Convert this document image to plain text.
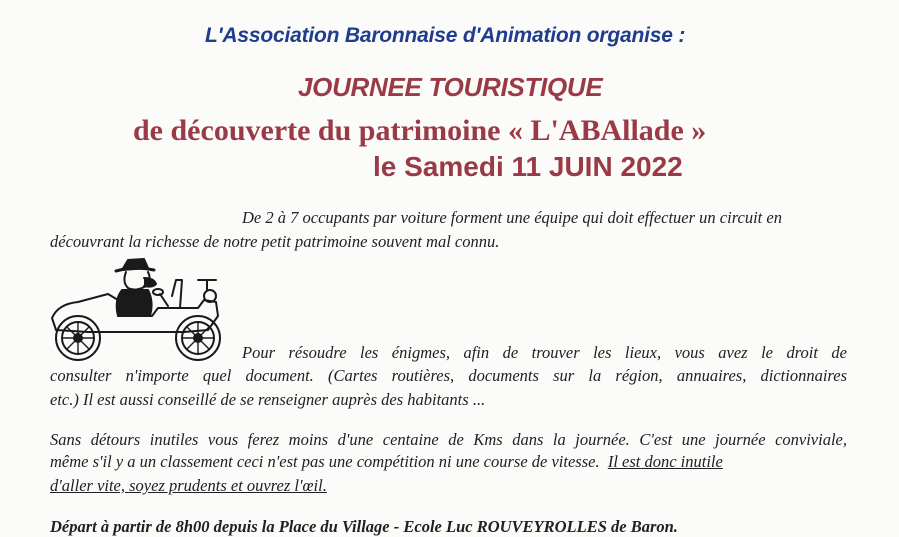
L'Association Baronnaise d'Animation organise :

JOURNEE TOURISTIQUE

de découverte du patrimoine « L'ABAllade »

le Samedi 11 JUIN 2022

De 2 à 7 occupants par voiture forment une équipe qui doit effectuer un circuit en

découvrant la richesse de notre petit patrimoine souvent mal connu.

Pour résoudre les énigmes, afin de trouver les lieux, vous avez le droit de

consulter n'importe quel document. (Cartes routières, documents sur la région, annuaires, dictionnaires

etc.) Il est aussi conseillé de se renseigner auprès des habitants ...

Sans détours inutiles vous ferez moins d'une centaine de Kms dans la journée. C'est une journée conviviale,

même s'il y a un classement ceci n'est pas une compétition ni une course de vitesse. Il est donc inutile

d'aller vite, soyez prudents et ouvrez l'œil.

Départ à partir de 8h00 depuis la Place du Village - Ecole Luc ROUVEYROLLES de Baron.
